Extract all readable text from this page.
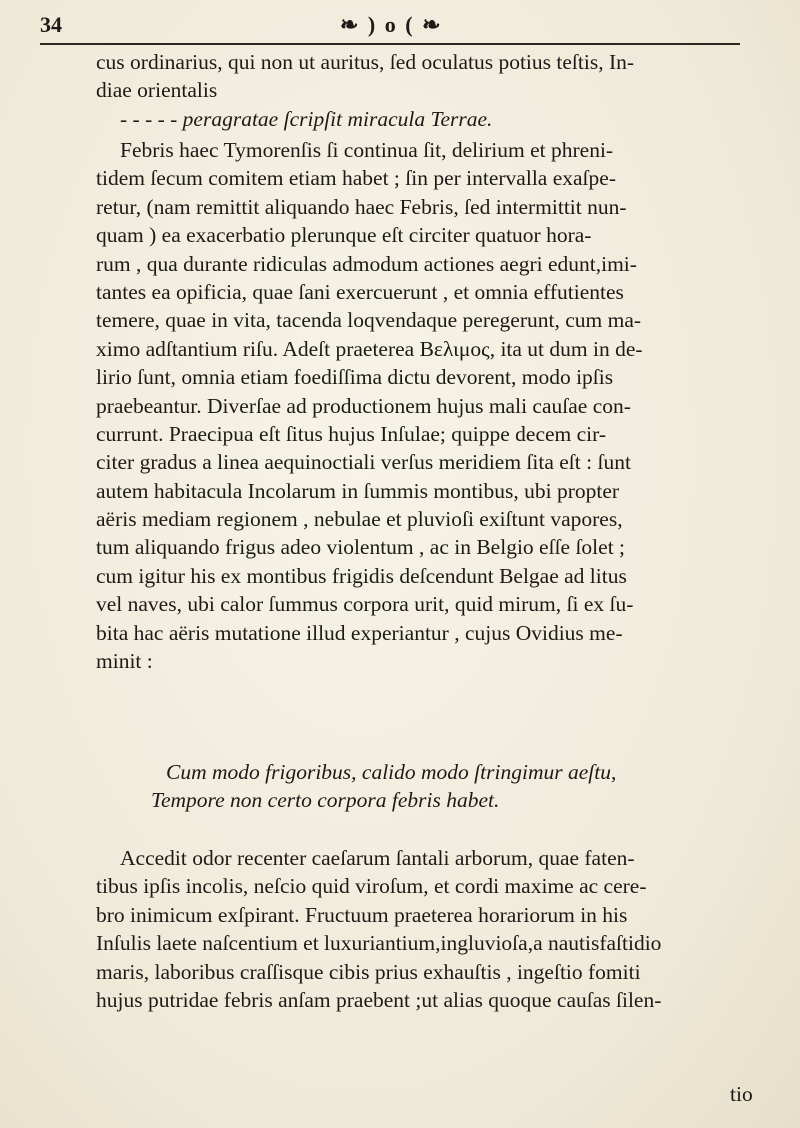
34	❧ ) o ( ❧
cus ordinarius, qui non ut auritus, ſed oculatus potius teſtis, In-
diae orientalis
- - - - - peragratae ſcripſit miracula Terrae.
Febris haec Tymorenſis ſi continua ſit, delirium et phreni-
tidem ſecum comitem etiam habet ; ſin per intervalla exaſpe-
retur, (nam remittit aliquando haec Febris, ſed intermittit nun-
quam ) ea exacerbatio plerunque eſt circiter quatuor hora-
rum , qua durante ridiculas admodum actiones aegri edunt,imi-
tantes ea opificia, quae ſani exercuerunt , et omnia effutientes
temere, quae in vita, tacenda loqvendaque peregerunt, cum ma-
ximo adſtantium riſu. Adeſt praeterea Βελιμος, ita ut dum in de-
lirio ſunt, omnia etiam foediſſima dictu devorent, modo ipſis
praebeantur. Diverſae ad productionem hujus mali cauſae con-
currunt. Praecipua eſt ſitus hujus Inſulae; quippe decem cir-
citer gradus a linea aequinoctiali verſus meridiem ſita eſt : ſunt
autem habitacula Incolarum in ſummis montibus, ubi propter
aëris mediam regionem , nebulae et pluvioſi exiſtunt vapores,
tum aliquando frigus adeo violentum , ac in Belgio eſſe ſolet ;
cum igitur his ex montibus frigidis deſcendunt Belgae ad litus
vel naves, ubi calor ſummus corpora urit, quid mirum, ſi ex ſu-
bita hac aëris mutatione illud experiantur , cujus Ovidius me-
minit :
Cum modo frigoribus, calido modo ſtringimur aeſtu,
Tempore non certo corpora febris habet.
Accedit odor recenter caeſarum ſantali arborum, quae faten-
tibus ipſis incolis, neſcio quid viroſum, et cordi maxime ac cere-
bro inimicum exſpirant. Fructuum praeterea horariorum in his
Inſulis laete naſcentium et luxuriantium,ingluvioſa,a nautisfaſtidio
maris, laboribus craſſisque cibis prius exhauſtis , ingeſtio fomiti
hujus putridae febris anſam praebent ;ut alias quoque cauſas ſilen-
tio
